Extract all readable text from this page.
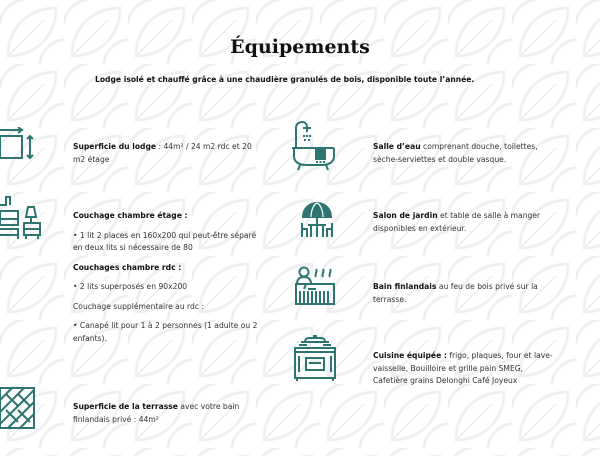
Équipements
Lodge isolé et chauffé grâce à une chaudière granulés de bois, disponible toute l’année.

Superficie du lodge : 44m² / 24 m2 rdc et 20 m2 étage

Couchage chambre étage :

• 1 lit 2 places en 160x200 qui peut-être séparé en deux lits si nécessaire de 80

Couchages chambre rdc :

• 2 lits superposés en 90x200

Couchage supplémentaire au rdc :

• Canapé lit pour 1 à 2 personnes (1 adulte ou 2 enfants).

Superficie de la terrasse avec votre bain finlandais privé : 44m²

Salle d’eau comprenant douche, toilettes, sèche-serviettes et double vasque.

Salon de jardin et table de salle à manger disponibles en extérieur.

Bain finlandais au feu de bois privé sur la terrasse.

Cuisine équipée : frigo, plaques, four et lave-vaisselle, Bouilloire et grille pain SMEG, Cafetière grains Delonghi Café Joyeux
